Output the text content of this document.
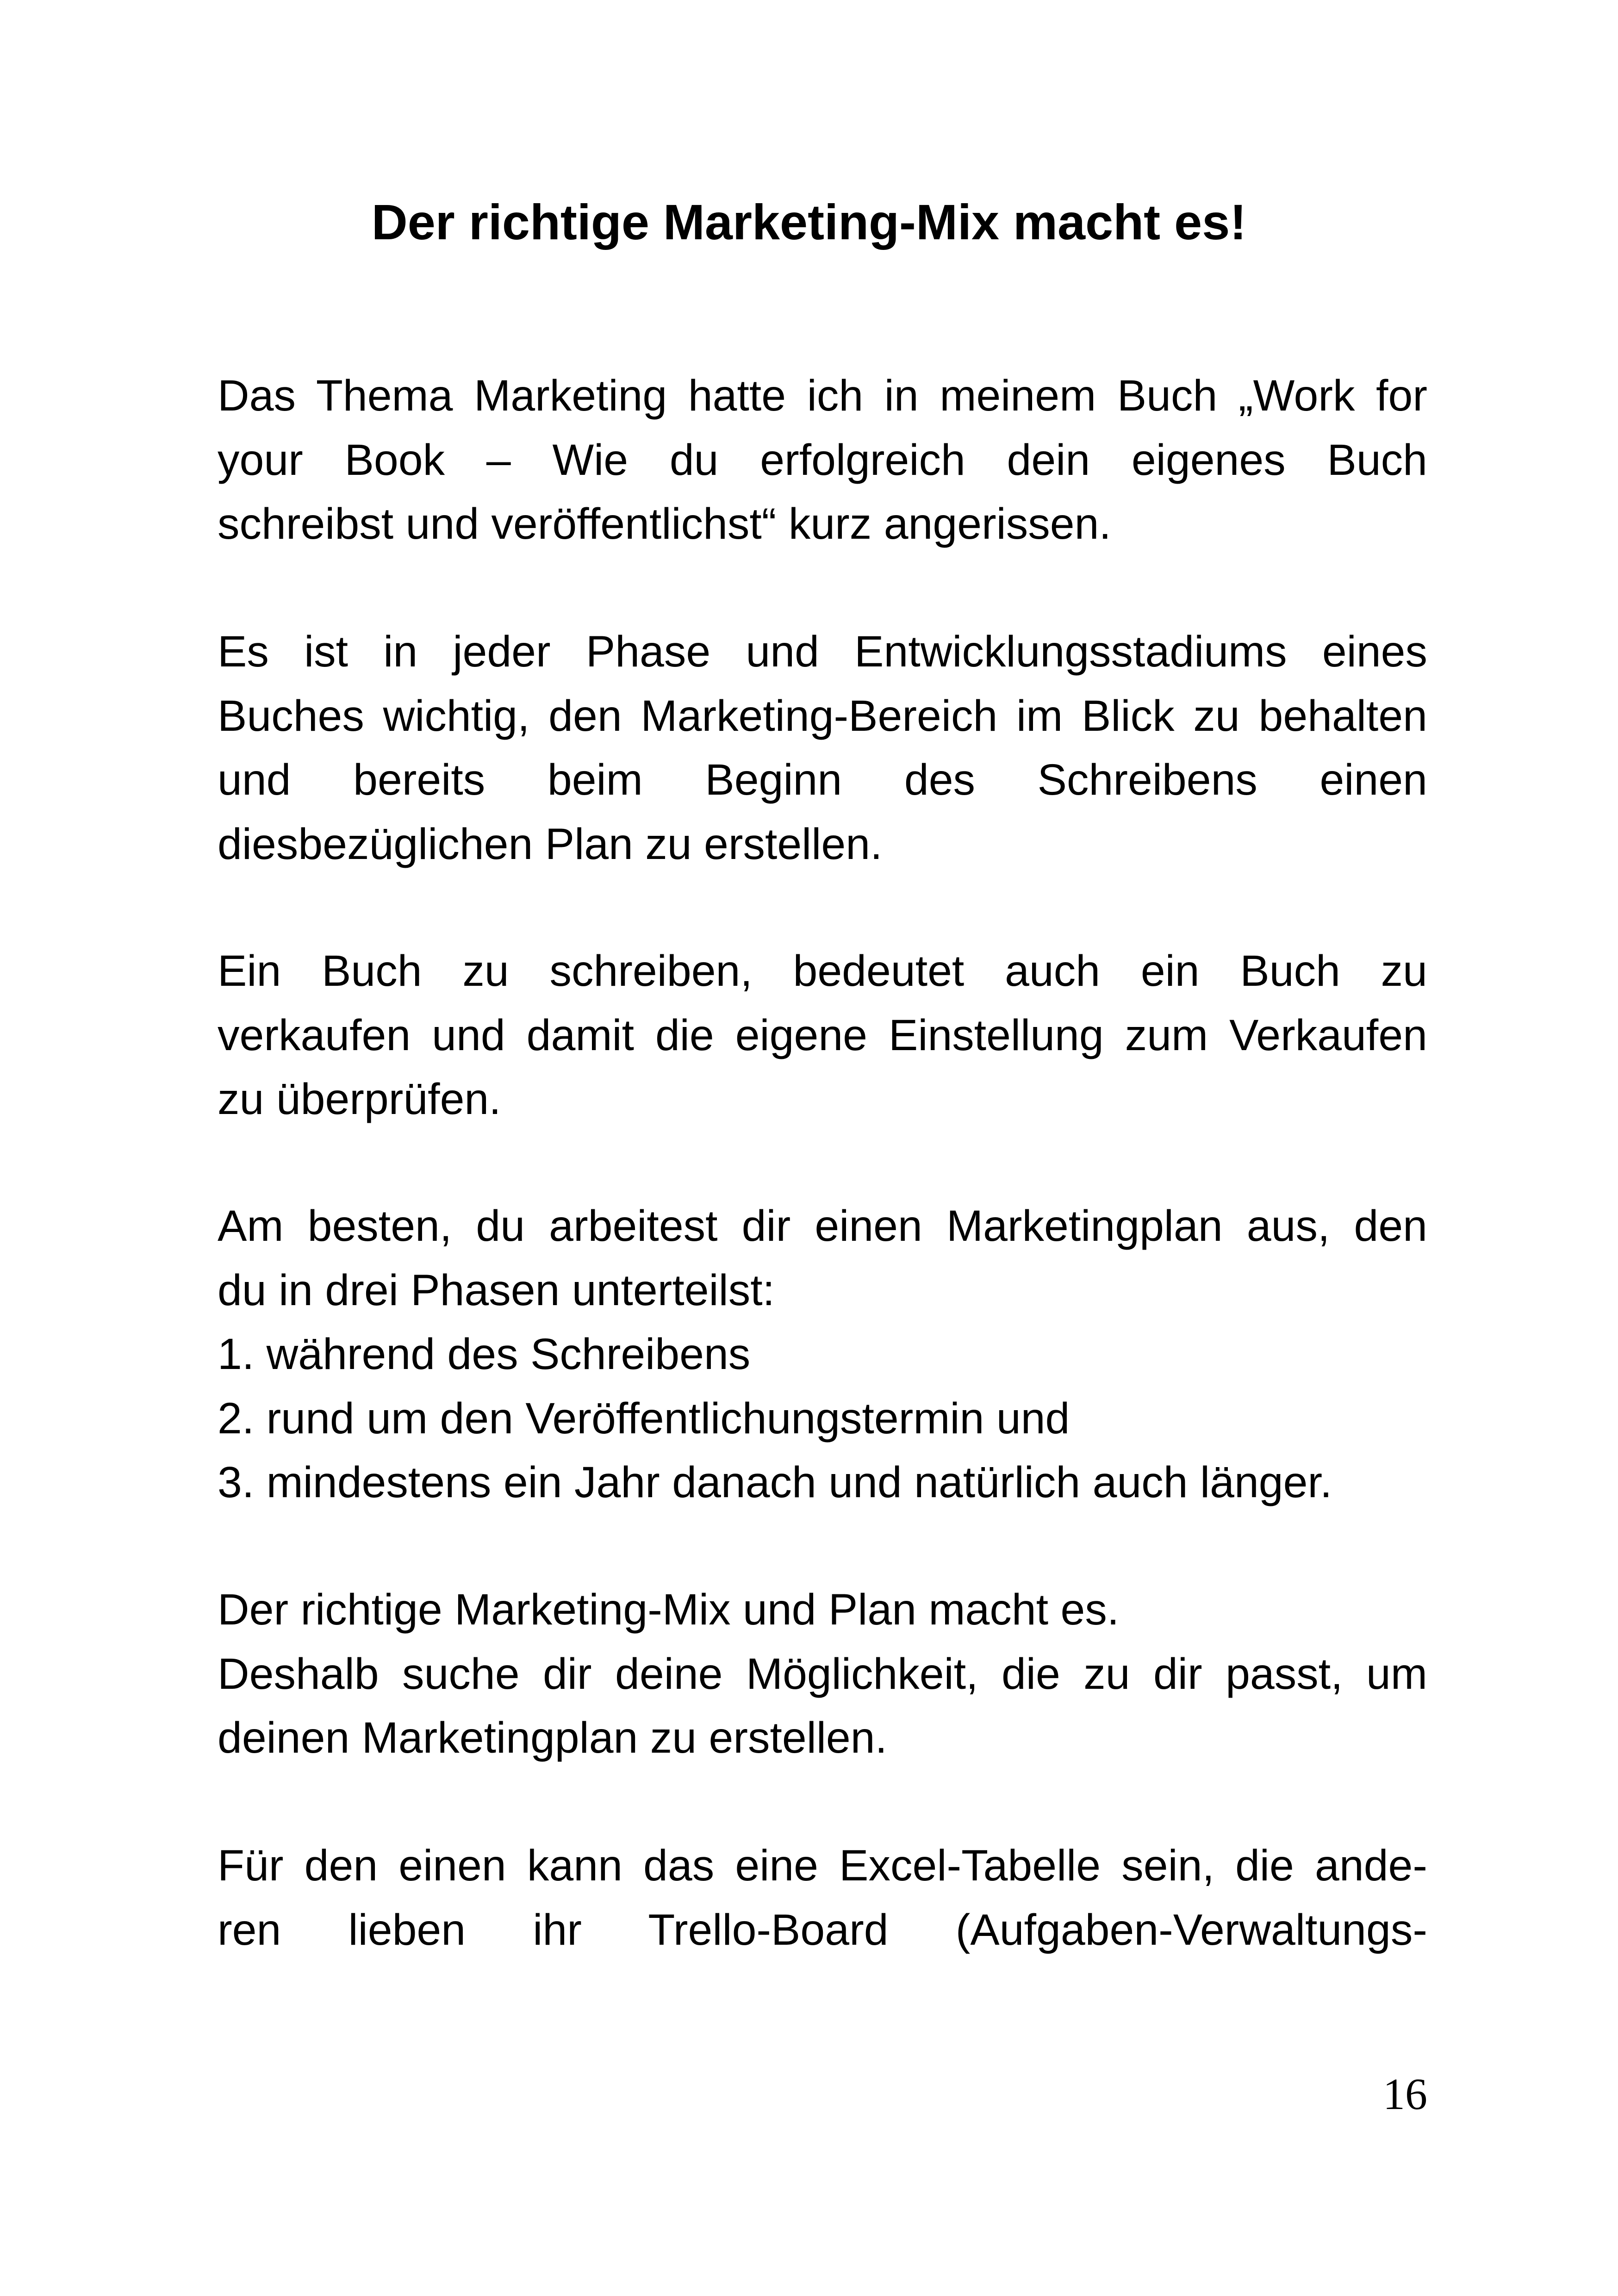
Der richtige Marketing-Mix macht es!
Das Thema Marketing hatte ich in meinem Buch „Work for
your Book – Wie du erfolgreich dein eigenes Buch
schreibst und veröffentlichst“ kurz angerissen.
Es ist in jeder Phase und Entwicklungsstadiums eines
Buches wichtig, den Marketing-Bereich im Blick zu behalten
und bereits beim Beginn des Schreibens einen
diesbezüglichen Plan zu erstellen.
Ein Buch zu schreiben, bedeutet auch ein Buch zu
verkaufen und damit die eigene Einstellung zum Verkaufen
zu überprüfen.
Am besten, du arbeitest dir einen Marketingplan aus, den
du in drei Phasen unterteilst:
1. während des Schreibens
2. rund um den Veröffentlichungstermin und
3. mindestens ein Jahr danach und natürlich auch länger.
Der richtige Marketing-Mix und Plan macht es.
Deshalb suche dir deine Möglichkeit, die zu dir passt, um
deinen Marketingplan zu erstellen.
Für den einen kann das eine Excel-Tabelle sein, die ande-
ren lieben ihr Trello-Board (Aufgaben-Verwaltungs-
16
